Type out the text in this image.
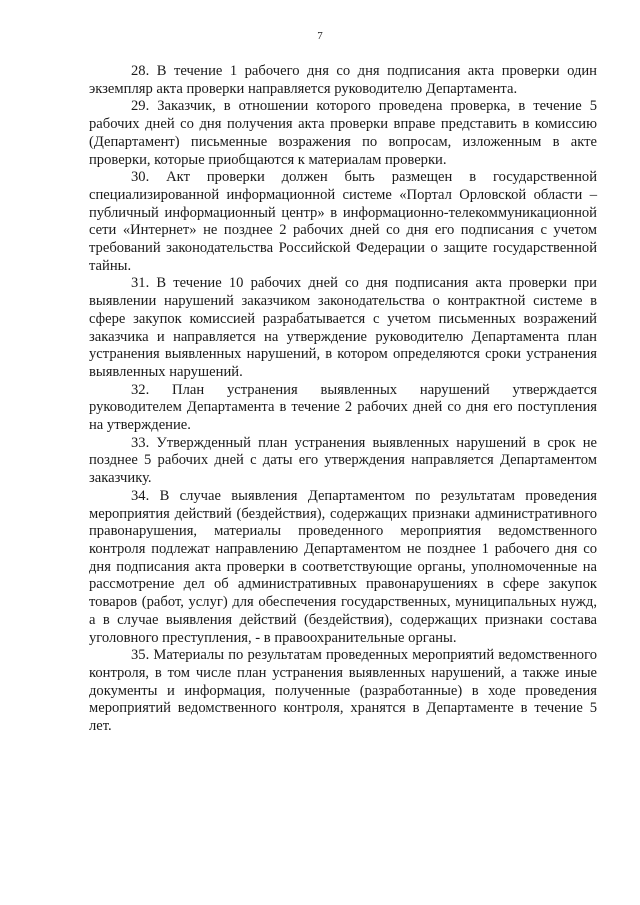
7

28. В течение 1 рабочего дня со дня подписания акта проверки один экземпляр акта проверки направляется руководителю Департамента.

29. Заказчик, в отношении которого проведена проверка, в течение 5 рабочих дней со дня получения акта проверки вправе представить в комиссию (Департамент) письменные возражения по вопросам, изложенным в акте проверки, которые приобщаются к материалам проверки.

30. Акт проверки должен быть размещен в государственной специализированной информационной системе «Портал Орловской области – публичный информационный центр» в информационно-телекоммуникационной сети «Интернет» не позднее 2 рабочих дней со дня его подписания с учетом требований законодательства Российской Федерации о защите государственной тайны.

31. В течение 10 рабочих дней со дня подписания акта проверки при выявлении нарушений заказчиком законодательства о контрактной системе в сфере закупок комиссией разрабатывается с учетом письменных возражений заказчика и направляется на утверждение руководителю Департамента план устранения выявленных нарушений, в котором определяются сроки устранения выявленных нарушений.

32. План устранения выявленных нарушений утверждается руководителем Департамента в течение 2 рабочих дней со дня его поступления на утверждение.

33. Утвержденный план устранения выявленных нарушений в срок не позднее 5 рабочих дней с даты его утверждения направляется Департаментом заказчику.

34. В случае выявления Департаментом по результатам проведения мероприятия действий (бездействия), содержащих признаки административного правонарушения, материалы проведенного мероприятия ведомственного контроля подлежат направлению Департаментом не позднее 1 рабочего дня со дня подписания акта проверки в соответствующие органы, уполномоченные на рассмотрение дел об административных правонарушениях в сфере закупок товаров (работ, услуг) для обеспечения государственных, муниципальных нужд, а в случае выявления действий (бездействия), содержащих признаки состава уголовного преступления, - в правоохранительные органы.

35. Материалы по результатам проведенных мероприятий ведомственного контроля, в том числе план устранения выявленных нарушений, а также иные документы и информация, полученные (разработанные) в ходе проведения мероприятий ведомственного контроля, хранятся в Департаменте в течение 5 лет.
